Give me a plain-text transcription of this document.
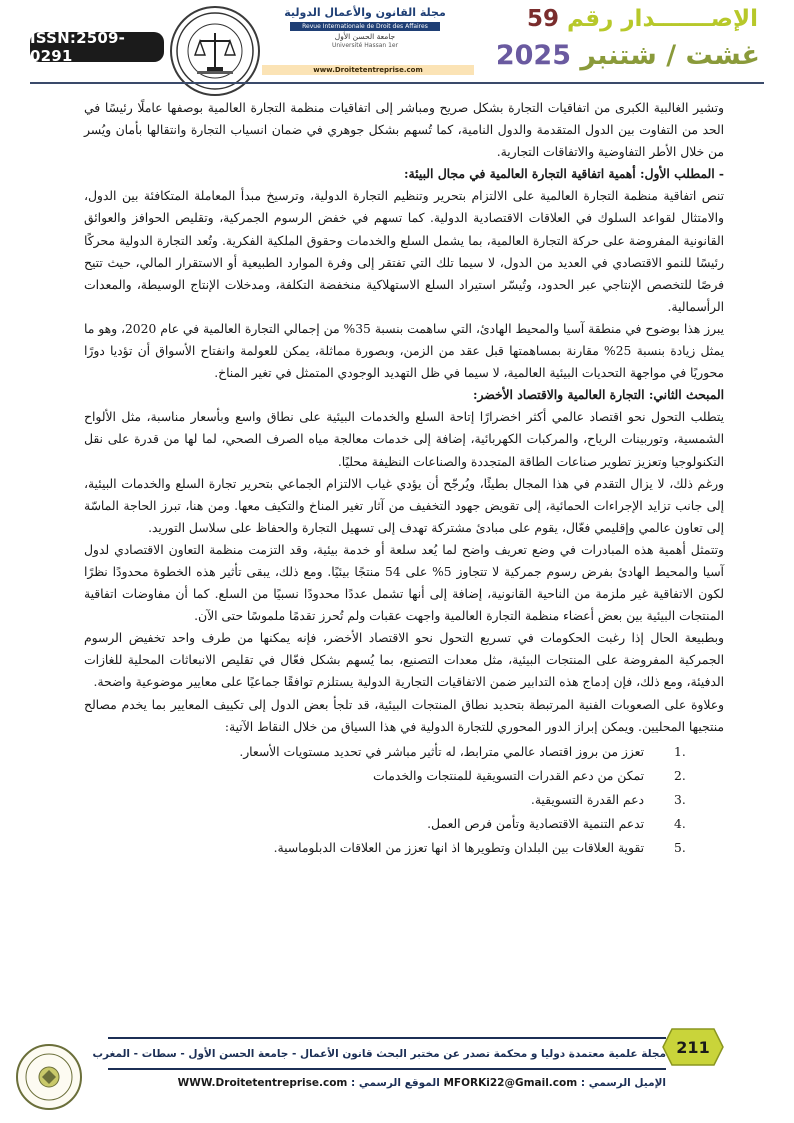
ISSN:2509-0291
مجلة القانون والأعمال الدولية
Revue Internationale de Droit des Affaires
جامعة الحسن الأول
Université Hassan 1er
www.Droitetentreprise.com
الإصـــــــدار رقم 59
غشت / شتنبر 2025

وتشير الغالبية الكبرى من اتفاقيات التجارة بشكل صريح ومباشر إلى اتفاقيات منظمة التجارة العالمية بوصفها عاملًا رئيسًا في الحد من التفاوت بين الدول المتقدمة والدول النامية، كما تُسهم بشكل جوهري في ضمان انسياب التجارة وانتقالها بأمان ويُسر من خلال الأطر التفاوضية والاتفاقات التجارية.

- المطلب الأول: أهمية اتفاقية التجارة العالمية في مجال البيئة:

تنص اتفاقية منظمة التجارة العالمية على الالتزام بتحرير وتنظيم التجارة الدولية، وترسيخ مبدأ المعاملة المتكافئة بين الدول، والامتثال لقواعد السلوك في العلاقات الاقتصادية الدولية. كما تسهم في خفض الرسوم الجمركية، وتقليص الحوافز والعوائق القانونية المفروضة على حركة التجارة العالمية، بما يشمل السلع والخدمات وحقوق الملكية الفكرية. وتُعد التجارة الدولية محركًا رئيسًا للنمو الاقتصادي في العديد من الدول، لا سيما تلك التي تفتقر إلى وفرة الموارد الطبيعية أو الاستقرار المالي، حيث تتيح فرصًا للتخصص الإنتاجي عبر الحدود، وتُيسّر استيراد السلع الاستهلاكية منخفضة التكلفة، ومدخلات الإنتاج الوسيطة، والمعدات الرأسمالية.

يبرز هذا بوضوح في منطقة آسيا والمحيط الهادئ، التي ساهمت بنسبة 35% من إجمالي التجارة العالمية في عام 2020، وهو ما يمثل زيادة بنسبة 25% مقارنة بمساهمتها قبل عقد من الزمن، وبصورة مماثلة، يمكن للعولمة وانفتاح الأسواق أن تؤديا دورًا محوريًا في مواجهة التحديات البيئية العالمية، لا سيما في ظل التهديد الوجودي المتمثل في تغير المناخ.

المبحث الثاني: التجارة العالمية والاقتصاد الأخضر:

يتطلب التحول نحو اقتصاد عالمي أكثر اخضرارًا إتاحة السلع والخدمات البيئية على نطاق واسع وبأسعار مناسبة، مثل الألواح الشمسية، وتوربينات الرياح، والمركبات الكهربائية، إضافة إلى خدمات معالجة مياه الصرف الصحي، لما لها من قدرة على نقل التكنولوجيا وتعزيز تطوير صناعات الطاقة المتجددة والصناعات النظيفة محليًا.

ورغم ذلك، لا يزال التقدم في هذا المجال بطيئًا، ويُرجّح أن يؤدي غياب الالتزام الجماعي بتحرير تجارة السلع والخدمات البيئية، إلى جانب تزايد الإجراءات الحمائية، إلى تقويض جهود التخفيف من آثار تغير المناخ والتكيف معها. ومن هنا، تبرز الحاجة الماسّة إلى تعاون عالمي وإقليمي فعّال، يقوم على مبادئ مشتركة تهدف إلى تسهيل التجارة والحفاظ على سلاسل التوريد.

وتتمثل أهمية هذه المبادرات في وضع تعريف واضح لما يُعد سلعة أو خدمة بيئية، وقد التزمت منظمة التعاون الاقتصادي لدول آسيا والمحيط الهادئ بفرض رسوم جمركية لا تتجاوز 5% على 54 منتجًا بيئيًا. ومع ذلك، يبقى تأثير هذه الخطوة محدودًا نظرًا لكون الاتفاقية غير ملزمة من الناحية القانونية، إضافة إلى أنها تشمل عددًا محدودًا نسبيًا من السلع. كما أن مفاوضات اتفاقية المنتجات البيئية بين بعض أعضاء منظمة التجارة العالمية واجهت عقبات ولم تُحرز تقدمًا ملموسًا حتى الآن.

وبطبيعة الحال إذا رغبت الحكومات في تسريع التحول نحو الاقتصاد الأخضر، فإنه يمكنها من طرف واحد تخفيض الرسوم الجمركية المفروضة على المنتجات البيئية، مثل معدات التصنيع، بما يُسهم بشكل فعّال في تقليص الانبعاثات المحلية للغازات الدفيئة، ومع ذلك، فإن إدماج هذه التدابير ضمن الاتفاقيات التجارية الدولية يستلزم توافقًا جماعيًا على معايير موضوعية واضحة.

وعلاوة على الصعوبات الفنية المرتبطة بتحديد نطاق المنتجات البيئية، قد تلجأ بعض الدول إلى تكييف المعايير بما يخدم مصالح منتجيها المحليين. ويمكن إبراز الدور المحوري للتجارة الدولية في هذا السياق من خلال النقاط الآتية:

1.
تعزز من بروز اقتصاد عالمي مترابط، له تأثير مباشر في تحديد مستويات الأسعار.
2.
تمكن من دعم القدرات التسويقية للمنتجات والخدمات
3.
دعم القدرة التسويقية.
4.
تدعم التنمية الاقتصادية وتأمن فرص العمل.
5.
تقوية العلاقات بين البلدان وتطويرها اذ انها تعزز من العلاقات الدبلوماسية.
211
مجلة علمية معتمدة دوليا و محكمة تصدر عن مختبر البحث قانون الأعمال - جامعة الحسن الأول - سطات - المغرب
الإميل الرسمي : MFORKi22@Gmail.com الموقع الرسمي : WWW.Droitetentreprise.com
